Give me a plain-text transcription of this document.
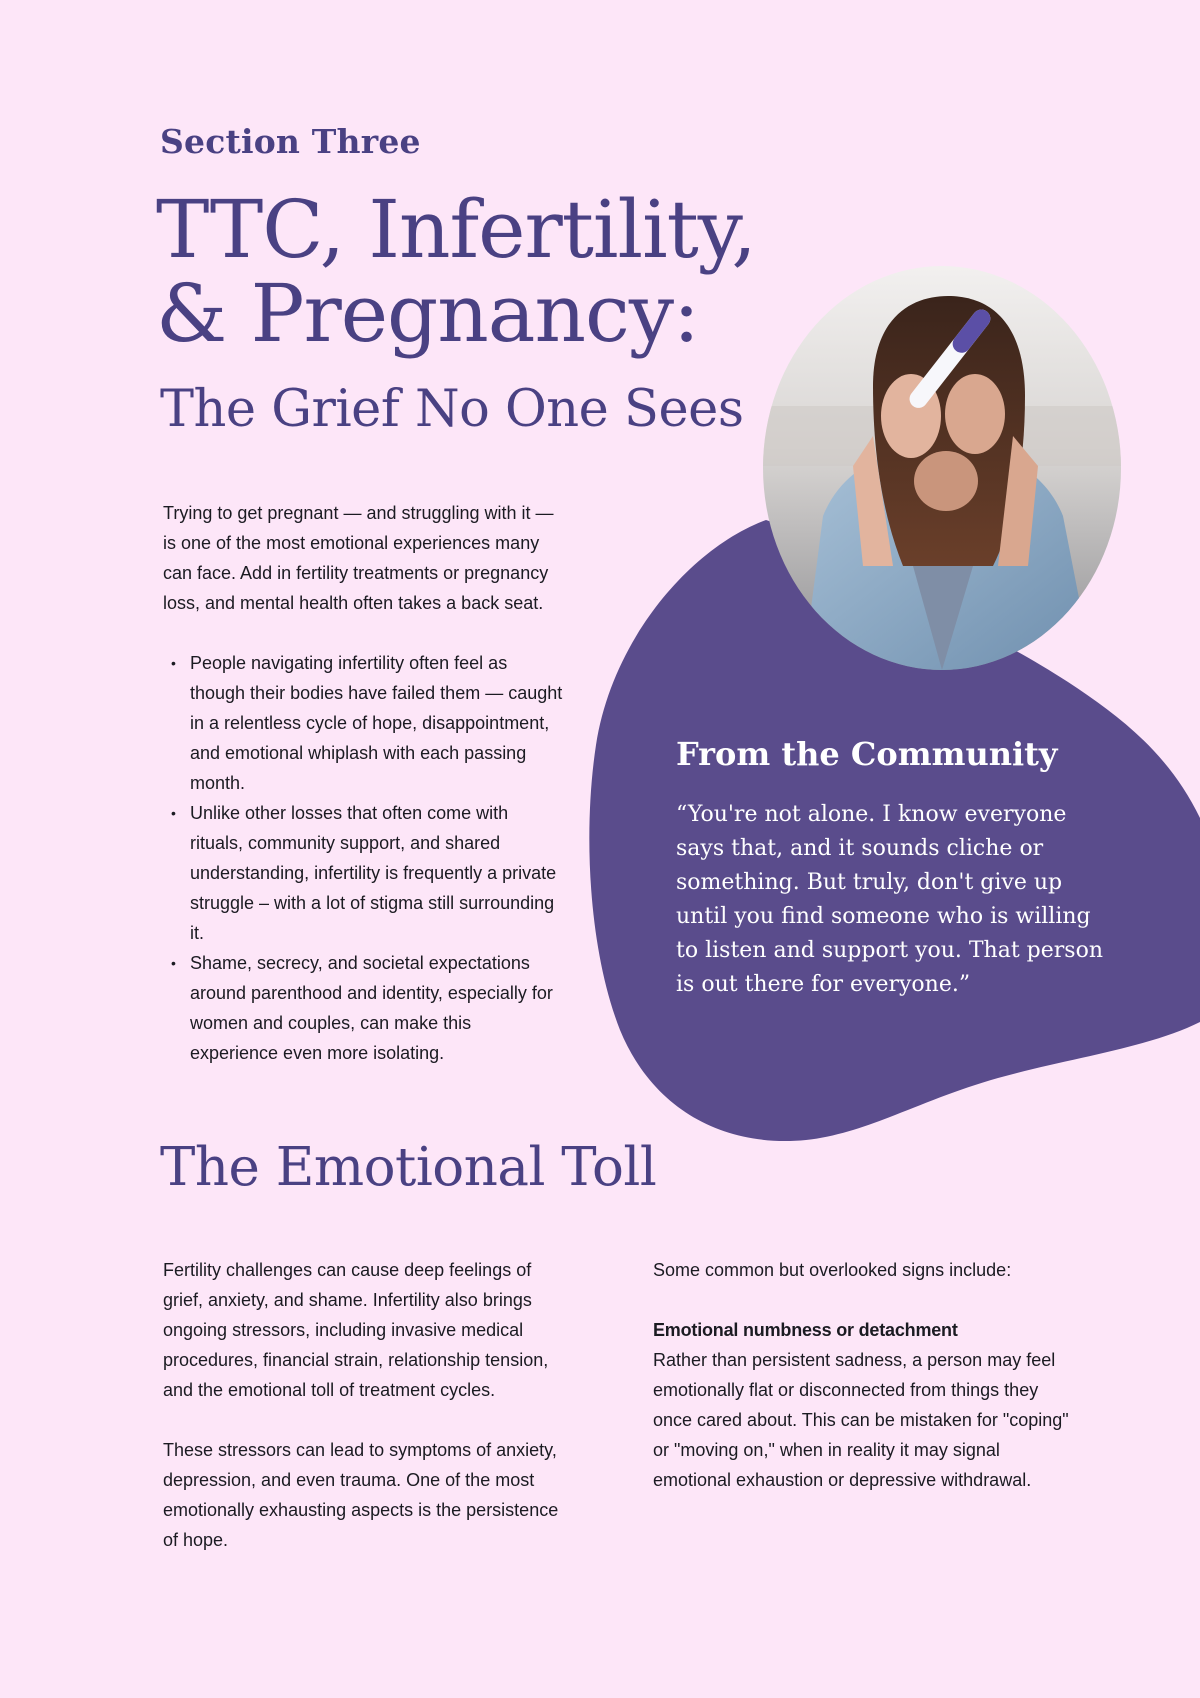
Section Three
TTC, Infertility,
& Pregnancy:
The Grief No One Sees

Trying to get pregnant — and struggling with it — is one of the most emotional experiences many can face. Add in fertility treatments or pregnancy loss, and mental health often takes a back seat.

• People navigating infertility often feel as though their bodies have failed them — caught in a relentless cycle of hope, disappointment, and emotional whiplash with each passing month.
• Unlike other losses that often come with rituals, community support, and shared understanding, infertility is frequently a private struggle – with a lot of stigma still surrounding it.
• Shame, secrecy, and societal expectations around parenthood and identity, especially for women and couples, can make this experience even more isolating.
From the Community

“You're not alone. I know everyone says that, and it sounds cliche or something. But truly, don't give up until you find someone who is willing to listen and support you. That person is out there for everyone.”

The Emotional Toll

Fertility challenges can cause deep feelings of grief, anxiety, and shame. Infertility also brings ongoing stressors, including invasive medical procedures, financial strain, relationship tension, and the emotional toll of treatment cycles.

These stressors can lead to symptoms of anxiety, depression, and even trauma. One of the most emotionally exhausting aspects is the persistence of hope.

Some common but overlooked signs include:

Emotional numbness or detachment

Rather than persistent sadness, a person may feel emotionally flat or disconnected from things they once cared about. This can be mistaken for "coping" or "moving on," when in reality it may signal emotional exhaustion or depressive withdrawal.
